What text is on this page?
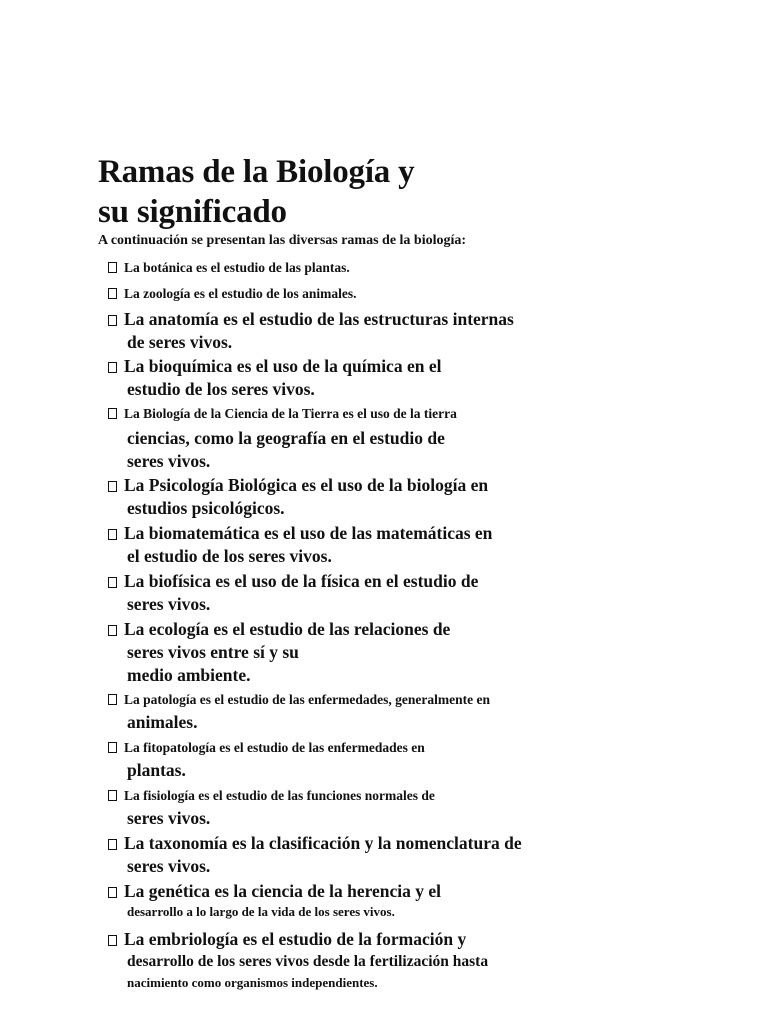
Ramas de la Biología y
su significado

A continuación se presentan las diversas ramas de la biología:

La botánica es el estudio de las plantas.

La zoología es el estudio de los animales.

La anatomía es el estudio de las estructuras internas
de seres vivos.

La bioquímica es el uso de la química en el
estudio de los seres vivos.

La Biología de la Ciencia de la Tierra es el uso de la tierra
ciencias, como la geografía en el estudio de
seres vivos.

La Psicología Biológica es el uso de la biología en
estudios psicológicos.

La biomatemática es el uso de las matemáticas en
el estudio de los seres vivos.

La biofísica es el uso de la física en el estudio de
seres vivos.

La ecología es el estudio de las relaciones de
seres vivos entre sí y su
medio ambiente.

La patología es el estudio de las enfermedades, generalmente en
animales.

La fitopatología es el estudio de las enfermedades en
plantas.

La fisiología es el estudio de las funciones normales de
seres vivos.

La taxonomía es la clasificación y la nomenclatura de
seres vivos.

La genética es la ciencia de la herencia y el
desarrollo a lo largo de la vida de los seres vivos.

La embriología es el estudio de la formación y
desarrollo de los seres vivos desde la fertilización hasta
nacimiento como organismos independientes.
